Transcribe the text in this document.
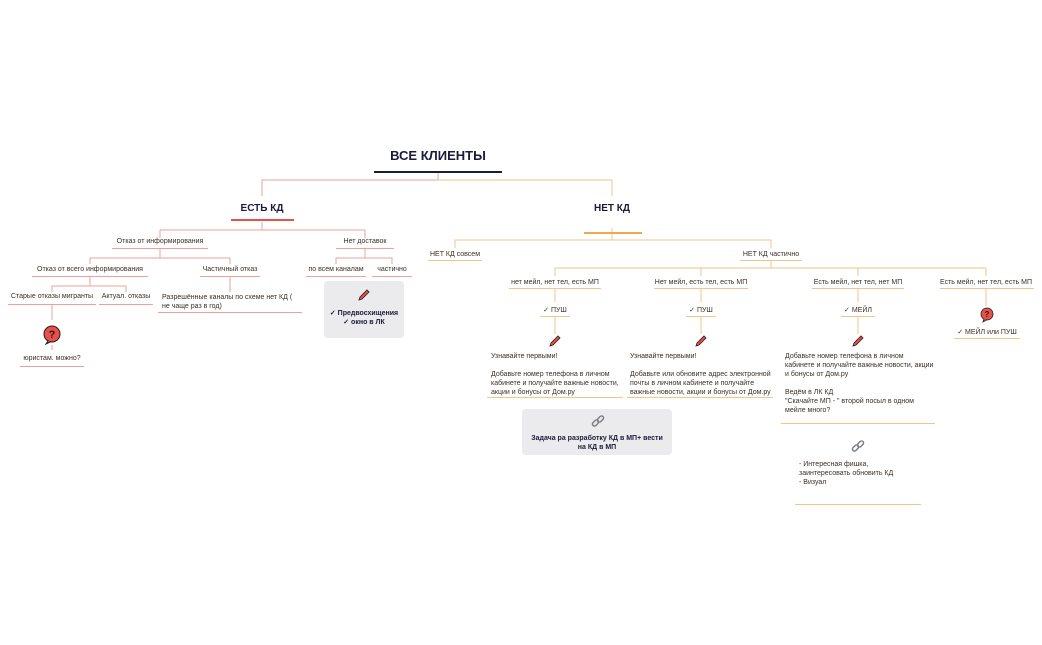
ВСЕ КЛИЕНТЫ
ЕСТЬ КД
Отказ от информирования	Нет доставок
Отказ от всего информирования	Частичный отказ	по всем каналам частично
Старые отказы мигранты Актуал. отказы Разрешённые каналы по схеме нет КД ( не чаще раз в год)
?
юристам. можно?
✓ Предвосхищения
✓ окно в ЛК
НЕТ КД
НЕТ КД совсем	НЕТ КД частично
нет мейл, нет тел, есть МП	Нет мейл, есть тел, есть МП	Есть мейл, нет тел, нет МП	Есть мейл, нет тел, есть МП
✓ ПУШ	✓ ПУШ	✓ МЕЙЛ	?
✓ МЕЙЛ или ПУШ
Узнавайте первыми!

Добавьте номер телефона в личном кабинете и получайте важные новости, акции и бонусы от Дом.ру
Узнавайте первыми!

Добавьте или обновите адрес электронной почты в личном кабинете и получайте важные новости, акции и бонусы от Дом.ру
Добавьте номер телефона в личном кабинете и получайте важные новости, акции и бонусы от Дом.ру

Ведём в ЛК КД
"Скачайте МП - " второй посыл в одном мейле много?
- Интересная фишка, заинтересовать обновить КД
- Визуал
Задача ра разработку КД в МП+ вести на КД в МП
